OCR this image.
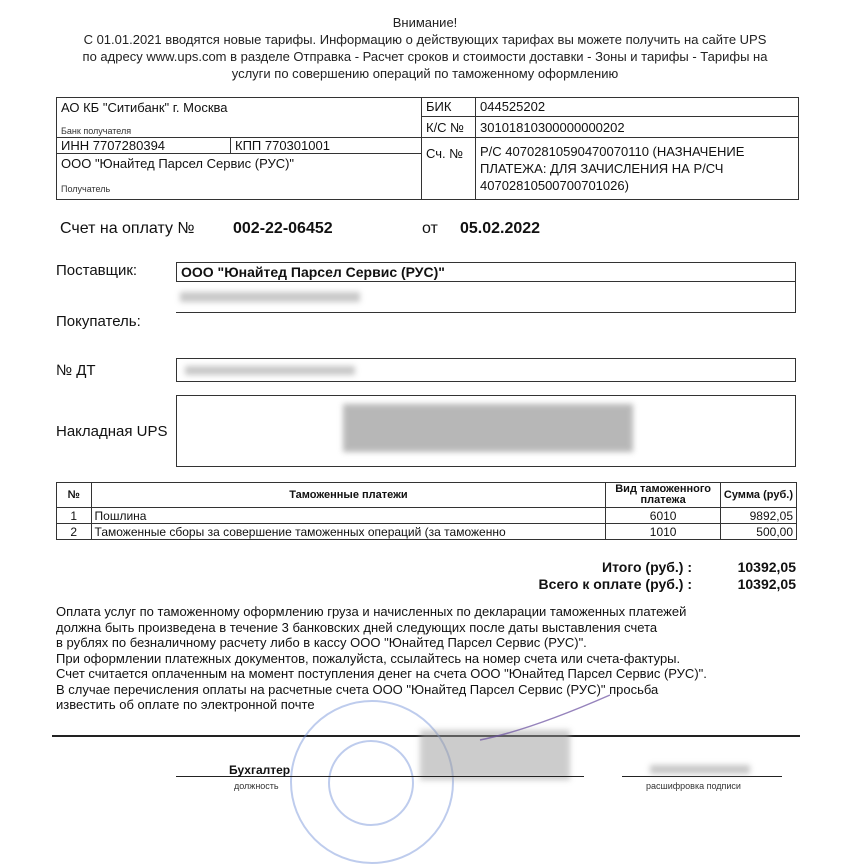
Внимание!
С 01.01.2021 вводятся новые тарифы. Информацию о действующих тарифах вы можете получить на сайте UPS
по адресу www.ups.com в разделе Отправка - Расчет сроков и стоимости доставки - Зоны и тарифы - Тарифы на
услуги по совершению операций по таможенному оформлению
АО КБ "Ситибанк" г. Москва
Банк получателя
ИНН 7707280394	КПП 770301001
ООО "Юнайтед Парсел Сервис (РУС)"
Получатель
БИК 044525202
К/С № 30101810300000000202
Сч. № Р/С 40702810590470070110 (НАЗНАЧЕНИЕ
ПЛАТЕЖА: ДЛЯ ЗАЧИСЛЕНИЯ НА Р/СЧ
40702810500700701026)
Счет на оплату № 002-22-06452	от 05.02.2022
Поставщик:	ООО "Юнайтед Парсел Сервис (РУС)"
Покупатель:
№ ДТ
Накладная UPS
№	Таможенные платежи	Вид таможенного платежа	Сумма (руб.)
1	Пошлина	6010	9892,05
2	Таможенные сборы за совершение таможенных операций (за таможенно	1010	500,00
Итого (руб.) :	10392,05
Всего к оплате (руб.) :	10392,05
Оплата услуг по таможенному оформлению груза и начисленных по декларации таможенных платежей
должна быть произведена в течение 3 банковских дней следующих после даты выставления счета
в рублях по безналичному расчету либо в кассу ООО "Юнайтед Парсел Сервис (РУС)".
При оформлении платежных документов, пожалуйста, ссылайтесь на номер счета или счета-фактуры.
Счет считается оплаченным на момент поступления денег на счета ООО "Юнайтед Парсел Сервис (РУС)".
В случае перечисления оплаты на расчетные счета ООО "Юнайтед Парсел Сервис (РУС)" просьба
известить об оплате по электронной почте
Бухгалтер
должность	расшифровка подписи
